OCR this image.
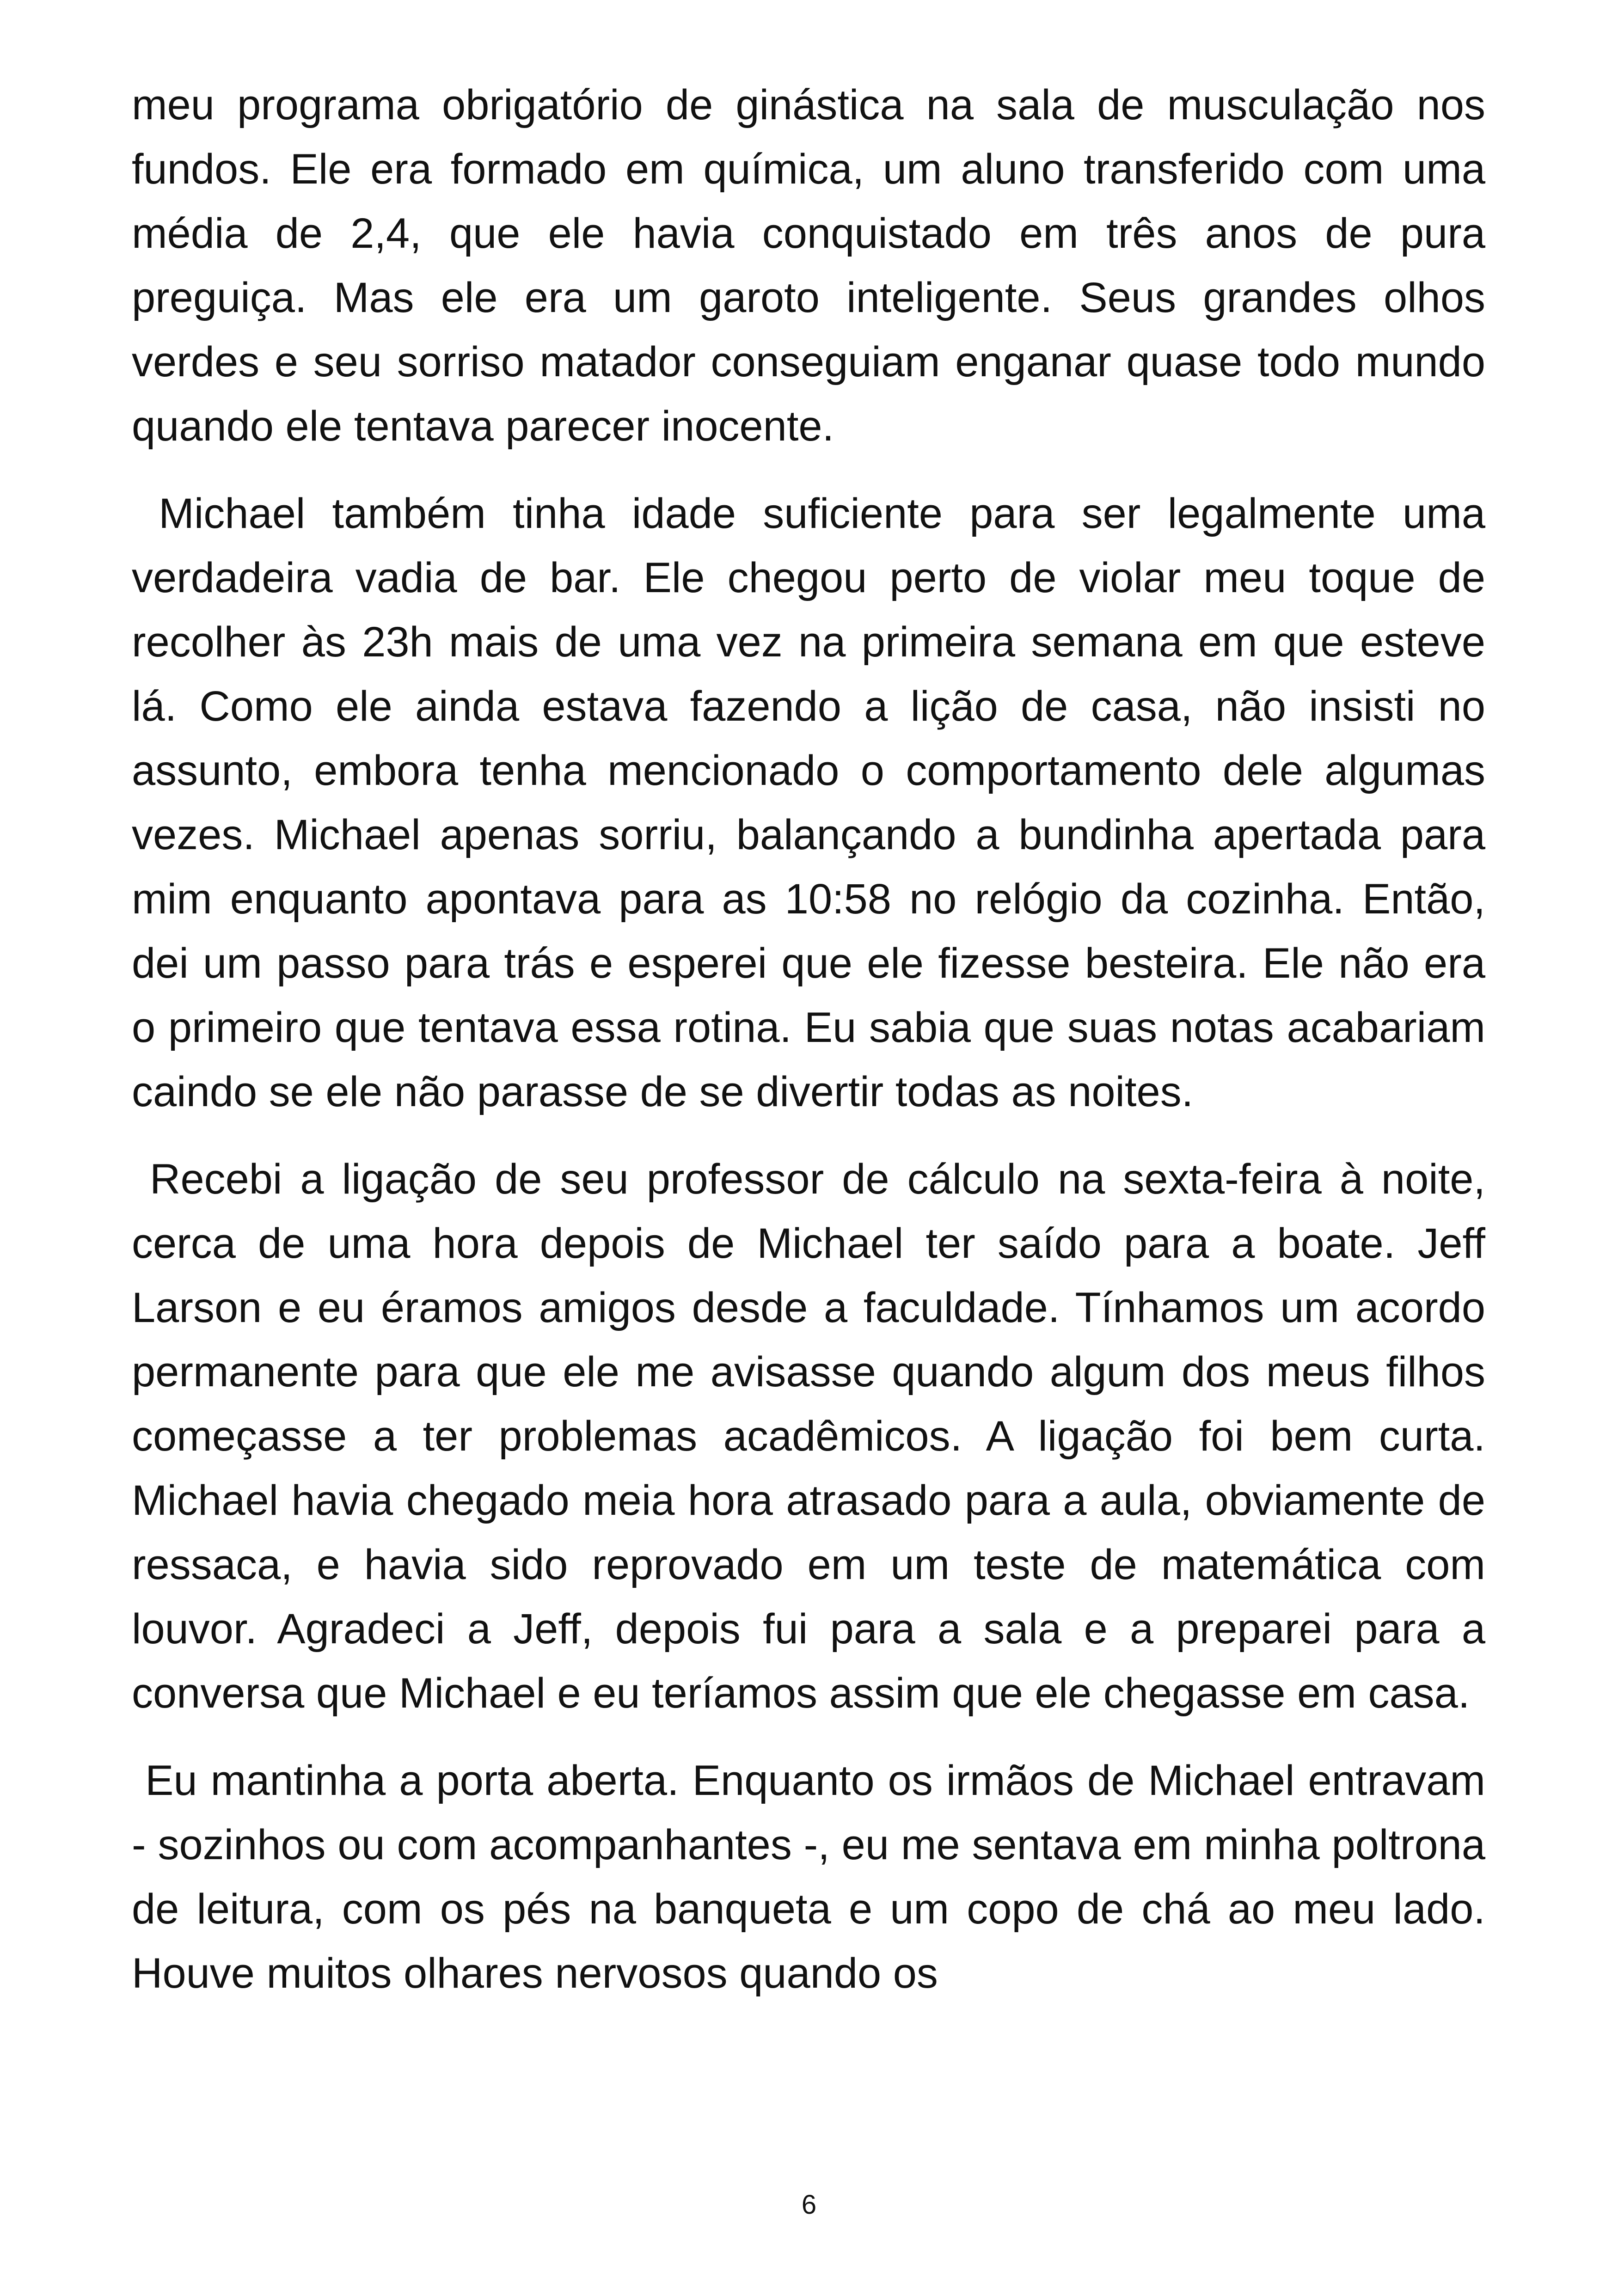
meu programa obrigatório de ginástica na sala de musculação nos fundos. Ele era formado em química, um aluno transferido com uma média de 2,4, que ele havia conquistado em três anos de pura preguiça. Mas ele era um garoto inteligente. Seus grandes olhos verdes e seu sorriso matador conseguiam enganar quase todo mundo quando ele tentava parecer inocente.

Michael também tinha idade suficiente para ser legalmente uma verdadeira vadia de bar. Ele chegou perto de violar meu toque de recolher às 23h mais de uma vez na primeira semana em que esteve lá. Como ele ainda estava fazendo a lição de casa, não insisti no assunto, embora tenha mencionado o comportamento dele algumas vezes. Michael apenas sorriu, balançando a bundinha apertada para mim enquanto apontava para as 10:58 no relógio da cozinha. Então, dei um passo para trás e esperei que ele fizesse besteira. Ele não era o primeiro que tentava essa rotina. Eu sabia que suas notas acabariam caindo se ele não parasse de se divertir todas as noites.

Recebi a ligação de seu professor de cálculo na sexta-feira à noite, cerca de uma hora depois de Michael ter saído para a boate. Jeff Larson e eu éramos amigos desde a faculdade. Tínhamos um acordo permanente para que ele me avisasse quando algum dos meus filhos começasse a ter problemas acadêmicos. A ligação foi bem curta. Michael havia chegado meia hora atrasado para a aula, obviamente de ressaca, e havia sido reprovado em um teste de matemática com louvor. Agradeci a Jeff, depois fui para a sala e a preparei para a conversa que Michael e eu teríamos assim que ele chegasse em casa.

Eu mantinha a porta aberta. Enquanto os irmãos de Michael entravam - sozinhos ou com acompanhantes -, eu me sentava em minha poltrona de leitura, com os pés na banqueta e um copo de chá ao meu lado. Houve muitos olhares nervosos quando os

6
